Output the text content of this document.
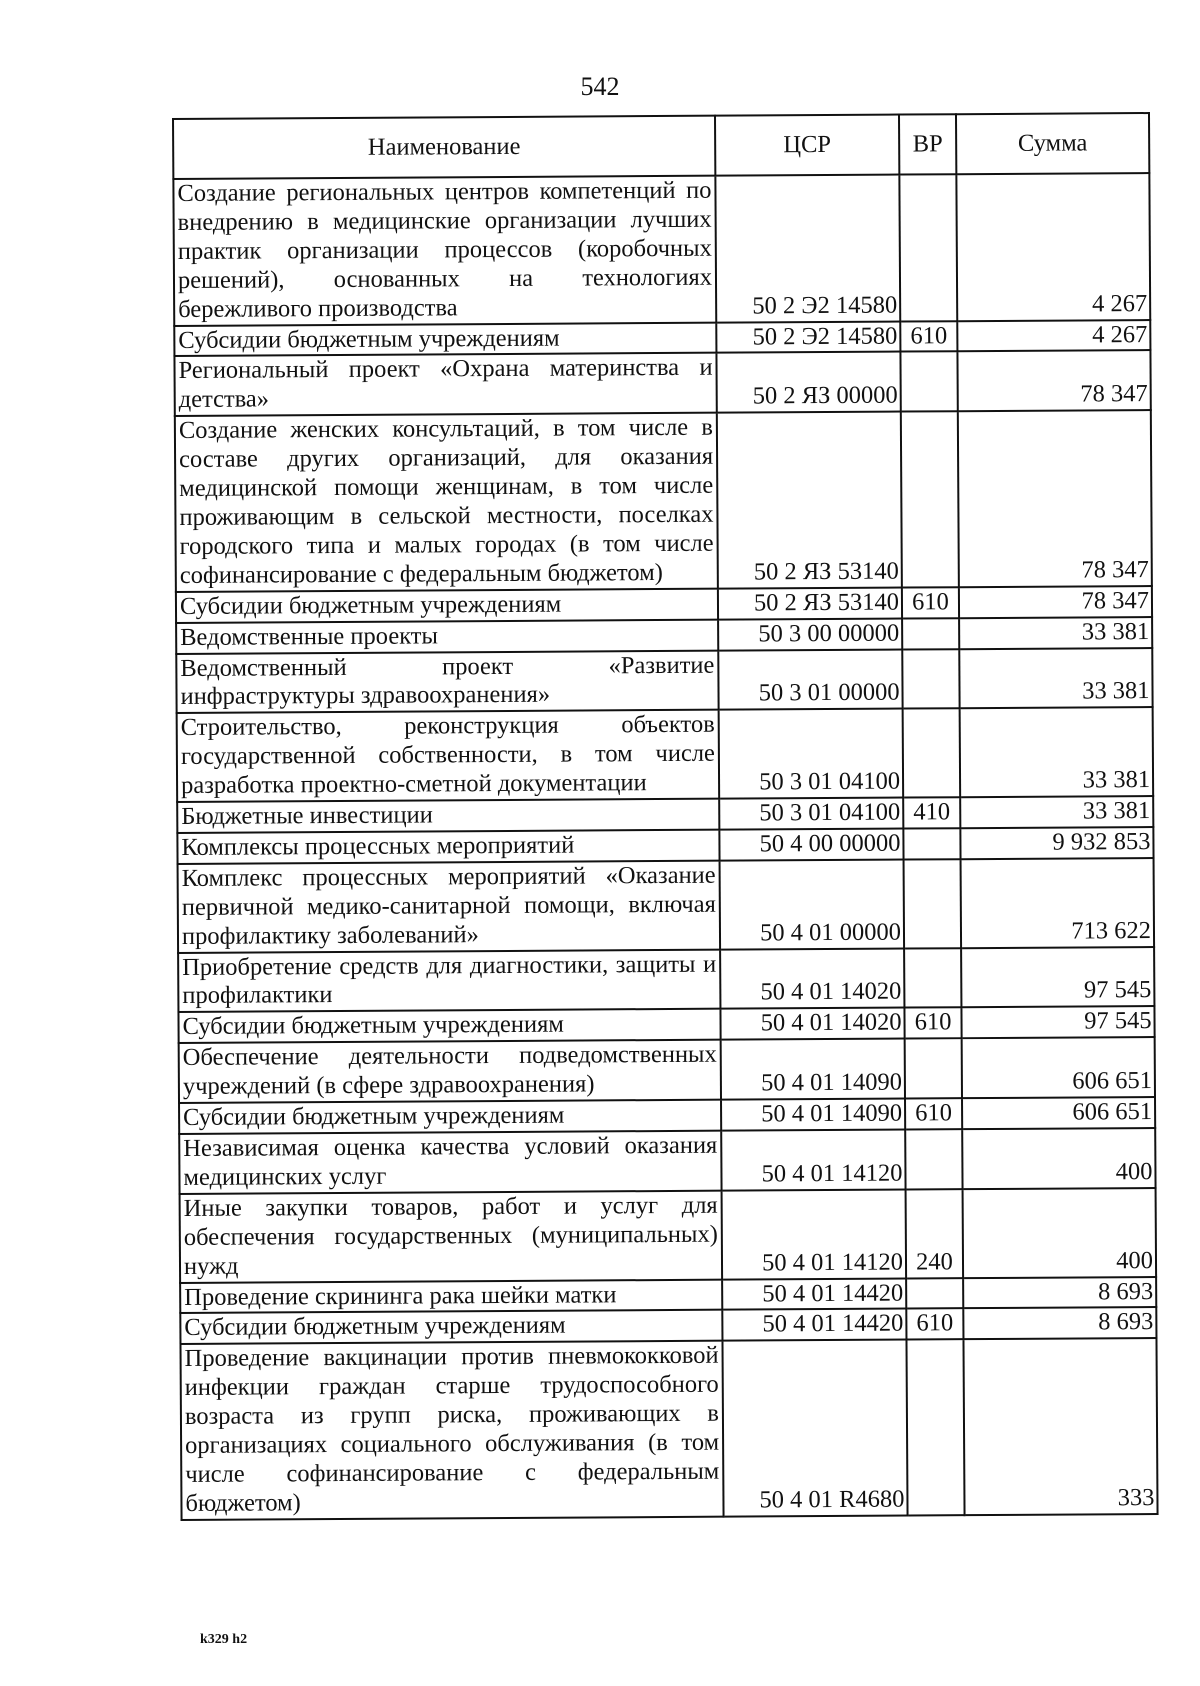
542
Наименование	ЦСР	ВР	Сумма
Создание региональных центров компетенций по внедрению в медицинские организации лучших практик организации процессов (коробочных решений), основанных на технологиях бережливого производства	50 2 Э2 14580		4 267
Субсидии бюджетным учреждениям	50 2 Э2 14580	610	4 267
Региональный проект «Охрана материнства и детства»	50 2 ЯЗ 00000		78 347
Создание женских консультаций, в том числе в составе других организаций, для оказания медицинской помощи женщинам, в том числе проживающим в сельской местности, поселках городского типа и малых городах (в том числе софинансирование с федеральным бюджетом)	50 2 ЯЗ 53140		78 347
Субсидии бюджетным учреждениям	50 2 ЯЗ 53140	610	78 347
Ведомственные проекты	50 3 00 00000		33 381
Ведомственный проект «Развитие инфраструктуры здравоохранения»	50 3 01 00000		33 381
Строительство, реконструкция объектов государственной собственности, в том числе разработка проектно-сметной документации	50 3 01 04100		33 381
Бюджетные инвестиции	50 3 01 04100	410	33 381
Комплексы процессных мероприятий	50 4 00 00000		9 932 853
Комплекс процессных мероприятий «Оказание первичной медико-санитарной помощи, включая профилактику заболеваний»	50 4 01 00000		713 622
Приобретение средств для диагностики, защиты и профилактики	50 4 01 14020		97 545
Субсидии бюджетным учреждениям	50 4 01 14020	610	97 545
Обеспечение деятельности подведомственных учреждений (в сфере здравоохранения)	50 4 01 14090		606 651
Субсидии бюджетным учреждениям	50 4 01 14090	610	606 651
Независимая оценка качества условий оказания медицинских услуг	50 4 01 14120		400
Иные закупки товаров, работ и услуг для обеспечения государственных (муниципальных) нужд	50 4 01 14120	240	400
Проведение скрининга рака шейки матки	50 4 01 14420		8 693
Субсидии бюджетным учреждениям	50 4 01 14420	610	8 693
Проведение вакцинации против пневмококковой инфекции граждан старше трудоспособного возраста из групп риска, проживающих в организациях социального обслуживания (в том числе софинансирование с федеральным бюджетом)	50 4 01 R4680		333
k329 h2
